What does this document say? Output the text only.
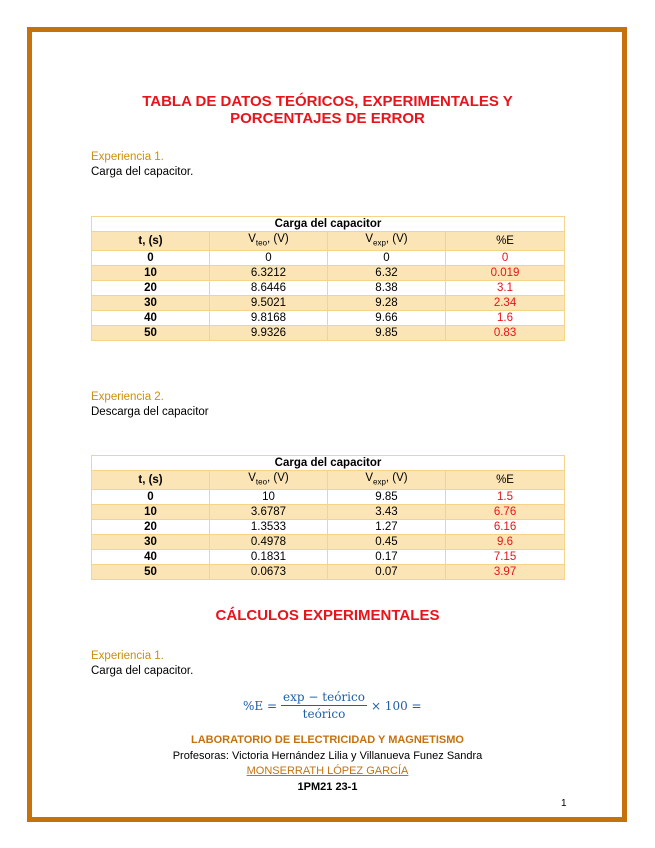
TABLA DE DATOS TEÓRICOS, EXPERIMENTALES Y
PORCENTAJES DE ERROR
Experiencia 1.
Carga del capacitor.
Carga del capacitor			
t, (s)	$V_{teo}$, (V)	$V_{exp}$, (V)	%E
0	0	0	0
10	6.3212	6.32	0.019
20	8.6446	8.38	3.1
30	9.5021	9.28	2.34
40	9.8168	9.66	1.6
50	9.9326	9.85	0.83
Experiencia 2.
Descarga del capacitor
Carga del capacitor			
t, (s)	$V_{teo}$, (V)	$V_{exp}$, (V)	%E
0	10	9.85	1.5
10	3.6787	3.43	6.76
20	1.3533	1.27	6.16
30	0.4978	0.45	9.6
40	0.1831	0.17	7.15
50	0.0673	0.07	3.97
CÁLCULOS EXPERIMENTALES
Experiencia 1.
Carga del capacitor.
$\%E = \frac{\text{exp − teórico}}{\text{teórico}} \times 100$ =
LABORATORIO DE ELECTRICIDAD Y MAGNETISMO
Profesoras: Victoria Hernández Lilia y Villanueva Funez Sandra
MONSERRATH LÓPEZ GARCÍA
1PM21 23-1
1
